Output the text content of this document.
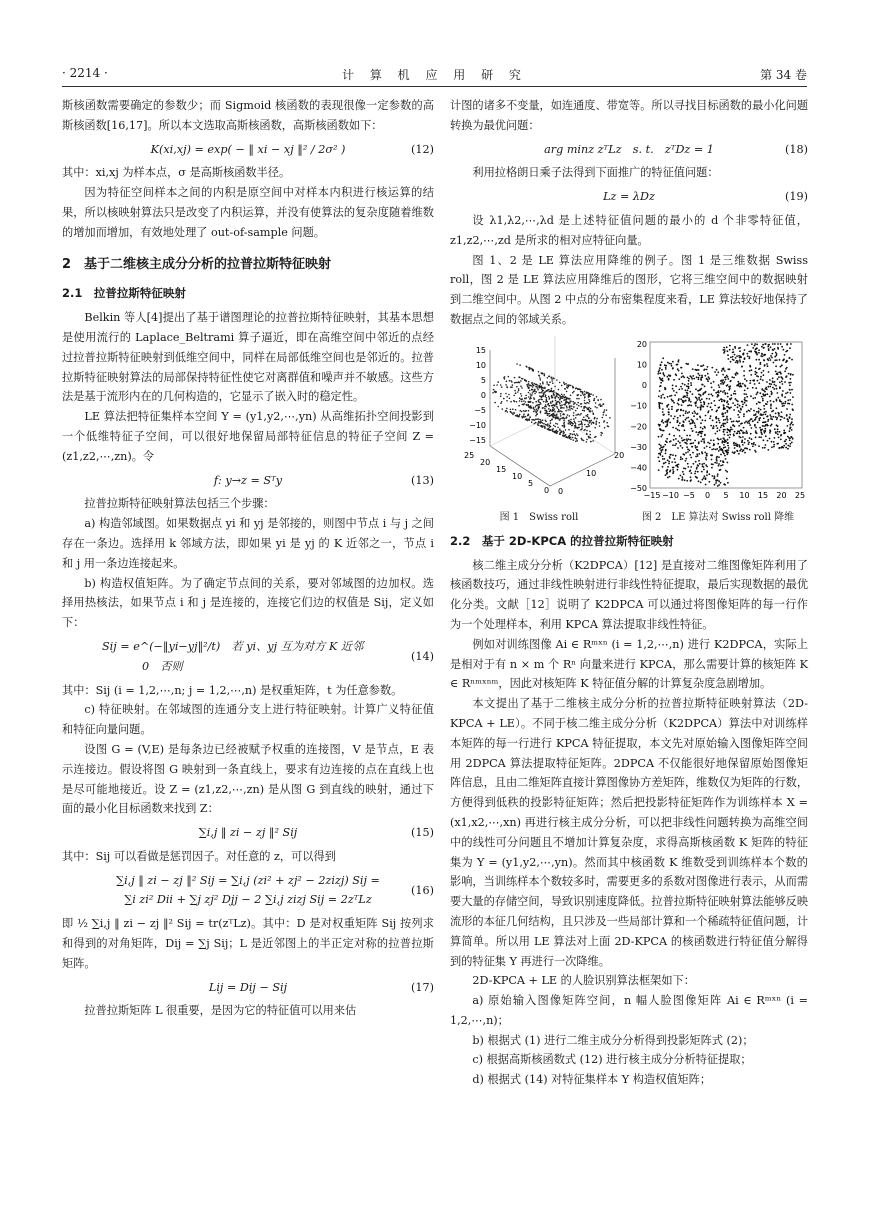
· 2214 ·	计 算 机 应 用 研 究	第 34 卷

斯核函数需要确定的参数少；而 Sigmoid 核函数的表现很像一定参数的高斯核函数[16,17]。所以本文选取高斯核函数，高斯核函数如下：

K(xi,xj) = exp( − ‖ xi − xj ‖² / 2σ² )	(12)

其中：xi,xj 为样本点，σ 是高斯核函数半径。

因为特征空间样本之间的内积是原空间中对样本内积进行核运算的结果，所以核映射算法只是改变了内积运算，并没有使算法的复杂度随着维数的增加而增加，有效地处理了 out-of-sample 问题。

2　基于二维核主成分分析的拉普拉斯特征映射
2.1　拉普拉斯特征映射

Belkin 等人[4]提出了基于谱图理论的拉普拉斯特征映射，其基本思想是使用流行的 Laplace_Beltrami 算子逼近，即在高维空间中邻近的点经过拉普拉斯特征映射到低维空间中，同样在局部低维空间也是邻近的。拉普拉斯特征映射算法的局部保持特征性使它对离群值和噪声并不敏感。这些方法是基于流形内在的几何构造的，它显示了嵌入时的稳定性。

LE 算法把特征集样本空间 Y = (y1,y2,⋯,yn) 从高维拓扑空间投影到一个低维特征子空间，可以很好地保留局部特征信息的特征子空间 Z = (z1,z2,⋯,zn)。令

f: y→z = Sᵀy	(13)

拉普拉斯特征映射算法包括三个步骤：

a) 构造邻域图。如果数据点 yi 和 yj 是邻接的，则图中节点 i 与 j 之间存在一条边。选择用 k 邻域方法，即如果 yi 是 yj 的 K 近邻之一，节点 i 和 j 用一条边连接起来。

b) 构造权值矩阵。为了确定节点间的关系，要对邻域图的边加权。选择用热核法，如果节点 i 和 j 是连接的，连接它们边的权值是 Sij，定义如下：

Sij = e^(−‖yi−yj‖²/t)　若 yi、yj 互为对方 K 近邻
0　否则
(14)

其中：Sij (i = 1,2,⋯,n; j = 1,2,⋯,n) 是权重矩阵，t 为任意参数。

c) 特征映射。在邻域图的连通分支上进行特征映射。计算广义特征值和特征向量问题。

设图 G = (V,E) 是每条边已经被赋予权重的连接图，V 是节点，E 表示连接边。假设将图 G 映射到一条直线上，要求有边连接的点在直线上也是尽可能地接近。设 Z = (z1,z2,⋯,zn) 是从图 G 到直线的映射，通过下面的最小化目标函数来找到 Z：

∑i,j ‖ zi − zj ‖² Sij	(15)

其中：Sij 可以看做是惩罚因子。对任意的 z，可以得到

∑i,j ‖ zi − zj ‖² Sij = ∑i,j (zi² + zj² − 2zizj) Sij =
∑i zi² Dii + ∑j zj² Djj − 2 ∑i,j zizj Sij = 2zᵀLz
(16)

即 ½ ∑i,j ‖ zi − zj ‖² Sij = tr(zᵀLz)。其中：D 是对权重矩阵 Sij 按列求和得到的对角矩阵，Dij = ∑j Sij；L 是近邻图上的半正定对称的拉普拉斯矩阵。

Lij = Dij − Sij	(17)

拉普拉斯矩阵 L 很重要，是因为它的特征值可以用来估

计图的诸多不变量，如连通度、带宽等。所以寻找目标函数的最小化问题转换为最优问题：

arg minz zᵀLz　s. t.　zᵀDz = 1	(18)

利用拉格朗日乘子法得到下面推广的特征值问题：

Lz = λDz	(19)

设 λ1,λ2,⋯,λd 是上述特征值问题的最小的 d 个非零特征值，z1,z2,⋯,zd 是所求的相对应特征向量。

图 1、2 是 LE 算法应用降维的例子。图 1 是三维数据 Swiss roll，图 2 是 LE 算法应用降维后的图形，它将三维空间中的数据映射到二维空间中。从图 2 中点的分布密集程度来看，LE 算法较好地保持了数据点之间的邻域关系。

15
10
5
0
−5
−10
−15
25
20
15
10
5
0 0
10
20
20
10
0
−10
−20
−30
−40
−50
−15 −10 −5 0 5 10 15 20 25
图 1　Swiss roll	图 2　LE 算法对 Swiss roll 降维
2.2　基于 2D-KPCA 的拉普拉斯特征映射

核二维主成分分析（K2DPCA）[12] 是直接对二维图像矩阵利用了核函数技巧，通过非线性映射进行非线性特征提取，最后实现数据的最优化分类。文献［12］说明了 K2DPCA 可以通过将图像矩阵的每一行作为一个处理样本，利用 KPCA 算法提取非线性特征。

例如对训练图像 Ai ∈ Rᵐˣⁿ (i = 1,2,⋯,n) 进行 K2DPCA，实际上是相对于有 n × m 个 Rⁿ 向量来进行 KPCA，那么需要计算的核矩阵 K ∈ Rⁿᵐˣⁿᵐ，因此对核矩阵 K 特征值分解的计算复杂度急剧增加。

本文提出了基于二维核主成分分析的拉普拉斯特征映射算法（2D-KPCA + LE）。不同于核二维主成分分析（K2DPCA）算法中对训练样本矩阵的每一行进行 KPCA 特征提取，本文先对原始输入图像矩阵空间用 2DPCA 算法提取特征矩阵。2DPCA 不仅能很好地保留原始图像矩阵信息，且由二维矩阵直接计算图像协方差矩阵，维数仅为矩阵的行数，方便得到低秩的投影特征矩阵；然后把投影特征矩阵作为训练样本 X = (x1,x2,⋯,xn) 再进行核主成分分析，可以把非线性问题转换为高维空间中的线性可分问题且不增加计算复杂度，求得高斯核函数 K 矩阵的特征集为 Y = (y1,y2,⋯,yn)。然而其中核函数 K 维数受到训练样本个数的影响，当训练样本个数较多时，需要更多的系数对图像进行表示，从而需要大量的存储空间，导致识别速度降低。拉普拉斯特征映射算法能够反映流形的本征几何结构，且只涉及一些局部计算和一个稀疏特征值问题，计算简单。所以用 LE 算法对上面 2D-KPCA 的核函数进行特征值分解得到的特征集 Y 再进行一次降维。

2D-KPCA + LE 的人脸识别算法框架如下：

a) 原始输入图像矩阵空间，n 幅人脸图像矩阵 Ai ∈ Rᵐˣⁿ (i = 1,2,⋯,n)；

b) 根据式 (1) 进行二维主成分分析得到投影矩阵式 (2)；

c) 根据高斯核函数式 (12) 进行核主成分分析特征提取；

d) 根据式 (14) 对特征集样本 Y 构造权值矩阵；
